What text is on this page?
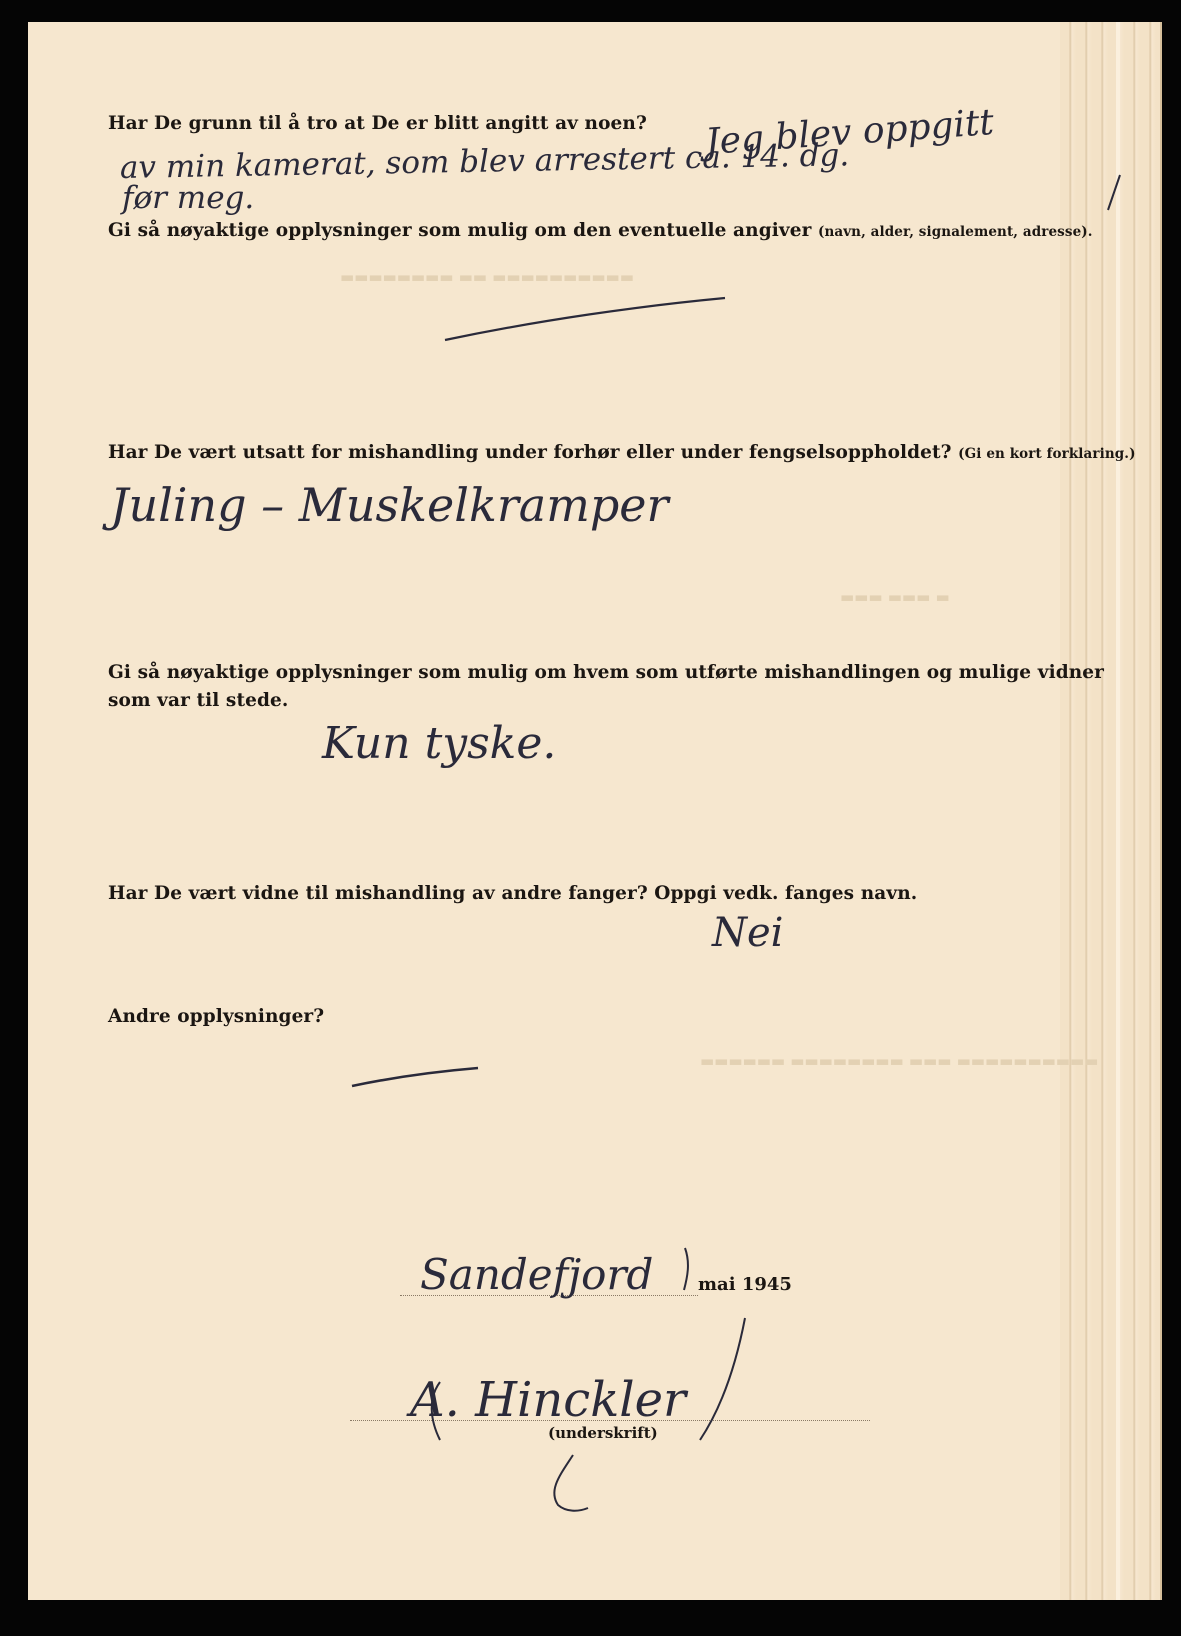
▬▬▬▬▬▬▬▬ ▬▬ ▬▬▬▬▬▬▬▬▬▬
▬▬▬ ▬▬▬ ▬
▬▬▬▬▬▬ ▬▬▬▬▬▬▬▬ ▬▬▬ ▬▬▬▬▬▬▬▬▬▬

Har De grunn til å tro at De er blitt angitt av noen? Jeg blev oppgitt

av min kamerat, som blev arrestert ca. 14. dg.

før meg.

Gi så nøyaktige opplysninger som mulig om den eventuelle angiver (navn, alder, signalement, adresse).

Har De vært utsatt for mishandling under forhør eller under fengselsoppholdet? (Gi en kort forklaring.)

Juling – Muskelkramper

Gi så nøyaktige opplysninger som mulig om hvem som utførte mishandlingen og mulige vidner

som var til stede.

Kun tyske.

Har De vært vidne til mishandling av andre fanger? Oppgi vedk. fanges navn.

Nei

Andre opplysninger?

Sandefjord mai 1945

A. Hinckler

(underskrift)
